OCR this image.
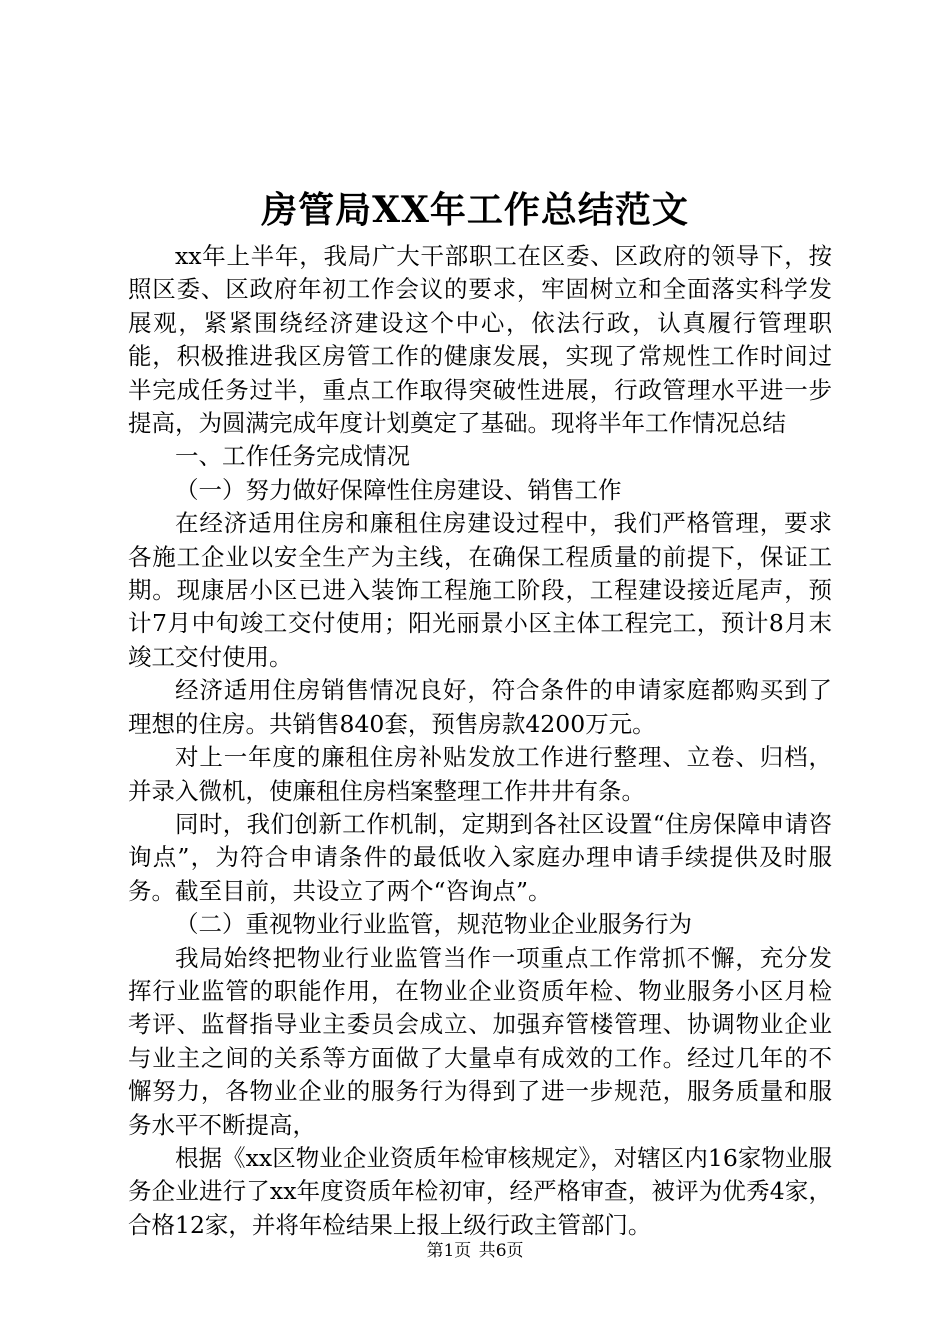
房管局XX年工作总结范文

xx年上半年，我局广大干部职工在区委、区政府的领导下，按照区委、区政府年初工作会议的要求，牢固树立和全面落实科学发展观，紧紧围绕经济建设这个中心，依法行政，认真履行管理职能，积极推进我区房管工作的健康发展，实现了常规性工作时间过半完成任务过半，重点工作取得突破性进展，行政管理水平进一步提高，为圆满完成年度计划奠定了基础。现将半年工作情况总结

一、工作任务完成情况

（一）努力做好保障性住房建设、销售工作

在经济适用住房和廉租住房建设过程中，我们严格管理，要求各施工企业以安全生产为主线，在确保工程质量的前提下，保证工期。现康居小区已进入装饰工程施工阶段，工程建设接近尾声，预计7月中旬竣工交付使用；阳光丽景小区主体工程完工，预计8月末竣工交付使用。

经济适用住房销售情况良好，符合条件的申请家庭都购买到了理想的住房。共销售840套，预售房款4200万元。

对上一年度的廉租住房补贴发放工作进行整理、立卷、归档，并录入微机，使廉租住房档案整理工作井井有条。

同时，我们创新工作机制，定期到各社区设置“住房保障申请咨询点”，为符合申请条件的最低收入家庭办理申请手续提供及时服务。截至目前，共设立了两个“咨询点”。

（二）重视物业行业监管，规范物业企业服务行为

我局始终把物业行业监管当作一项重点工作常抓不懈，充分发挥行业监管的职能作用，在物业企业资质年检、物业服务小区月检考评、监督指导业主委员会成立、加强弃管楼管理、协调物业企业与业主之间的关系等方面做了大量卓有成效的工作。经过几年的不懈努力，各物业企业的服务行为得到了进一步规范，服务质量和服务水平不断提高，

根据《xx区物业企业资质年检审核规定》，对辖区内16家物业服务企业进行了xx年度资质年检初审，经严格审查，被评为优秀4家，合格12家，并将年检结果上报上级行政主管部门。

第1页 共6页
